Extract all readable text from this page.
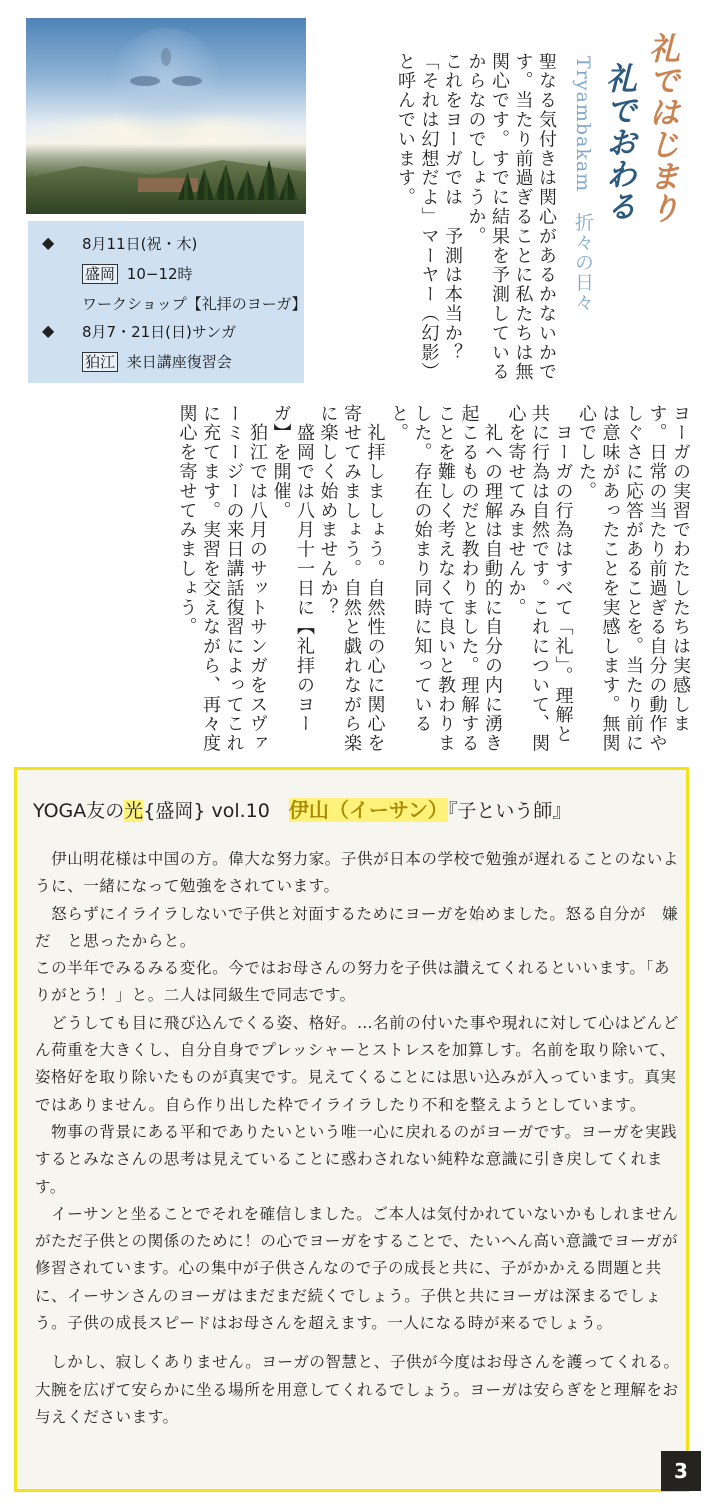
◆ 8月11日(祝・木)
盛岡 10−12時
ワークショップ【礼拝のヨーガ】
◆ 8月7・21日(日)サンガ
狛江 来日講座復習会
礼ではじまり
礼でおわる
Tryambakam　折々の日々
聖なる気付きは関心があるかないかです。当たり前過ぎることに私たちは無関心です。すでに結果を予測しているからなのでしょうか。
これをヨーガでは　予測は本当か？「それは幻想だよ」マーヤー（幻影）と呼んでいます。
ヨーガの実習でわたしたちは実感します。日常の当たり前過ぎる自分の動作やしぐさに応答があることを。当たり前には意味があったことを実感します。無関心でした。
　ヨーガの行為はすべて「礼」。理解と共に行為は自然です。これについて、関心を寄せてみませんか。
　礼への理解は自動的に自分の内に湧き起こるものだと教わりました。理解することを難しく考えなくて良いと教わりました。存在の始まり同時に知っていると。
　礼拝しましょう。自然性の心に関心を寄せてみましょう。自然と戯れながら楽に楽しく始めませんか？
　盛岡では八月十一日に【礼拝のヨーガ】を開催。
　狛江では八月のサットサンガをスヴァーミージーの来日講話復習によってこれに充てます。実習を交えながら、再々度関心を寄せてみましょう。
YOGA友の光{盛岡} vol.10　 伊山（イーサン）『子という師』

　伊山明花様は中国の方。偉大な努力家。子供が日本の学校で勉強が遅れることのないように、一緒になって勉強をされています。

　怒らずにイライラしないで子供と対面するためにヨーガを始めました。怒る自分が　嫌だ　と思ったからと。

この半年でみるみる変化。今ではお母さんの努力を子供は讃えてくれるといいます。「ありがとう！」と。二人は同級生で同志です。

　どうしても目に飛び込んでくる姿、格好。…名前の付いた事や現れに対して心はどんどん荷重を大きくし、自分自身でプレッシャーとストレスを加算しす。名前を取り除いて、姿格好を取り除いたものが真実です。見えてくることには思い込みが入っています。真実ではありません。自ら作り出した枠でイライラしたり不和を整えようとしています。

　物事の背景にある平和でありたいという唯一心に戻れるのがヨーガです。ヨーガを実践するとみなさんの思考は見えていることに惑わされない純粋な意識に引き戻してくれます。

　イーサンと坐ることでそれを確信しました。ご本人は気付かれていないかもしれませんがただ子供との関係のために！の心でヨーガをすることで、たいへん高い意識でヨーガが修習されています。心の集中が子供さんなので子の成長と共に、子がかかえる問題と共に、イーサンさんのヨーガはまだまだ続くでしょう。子供と共にヨーガは深まるでしょう。子供の成長スピードはお母さんを超えます。一人になる時が来るでしょう。

　しかし、寂しくありません。ヨーガの智慧と、子供が今度はお母さんを護ってくれる。大腕を広げて安らかに坐る場所を用意してくれるでしょう。ヨーガは安らぎをと理解をお与えくださいます。

3
